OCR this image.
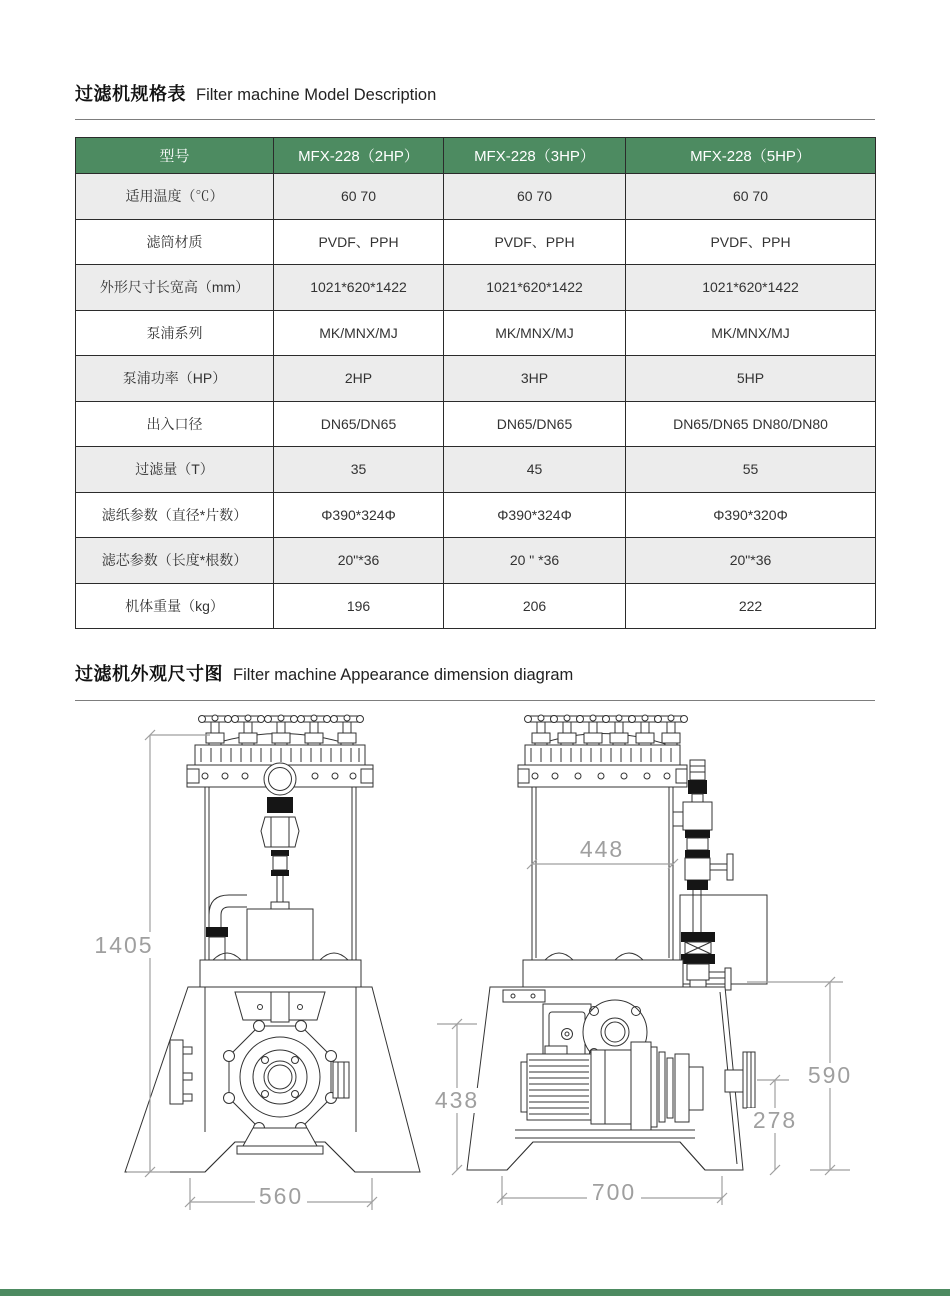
过滤机规格表 Filter machine Model Description
型号	MFX-228（2HP）	MFX-228（3HP）	MFX-228（5HP）
适用温度（℃）	60 70	60 70	60 70
滤筒材质	PVDF、PPH	PVDF、PPH	PVDF、PPH
外形尺寸长宽高（mm）	1021*620*1422	1021*620*1422	1021*620*1422
泵浦系列	MK/MNX/MJ	MK/MNX/MJ	MK/MNX/MJ
泵浦功率（HP）	2HP	3HP	5HP
出入口径	DN65/DN65	DN65/DN65	DN65/DN65 DN80/DN80
过滤量（T）	35	45	55
滤纸参数（直径*片数）	Φ390*324Φ	Φ390*324Φ	Φ390*320Φ
滤芯参数（长度*根数）	20"*36	20 " *36	20"*36
机体重量（kg）	196	206	222
过滤机外观尺寸图 Filter machine Appearance dimension diagram
1405
560
448
438
590
278
700
